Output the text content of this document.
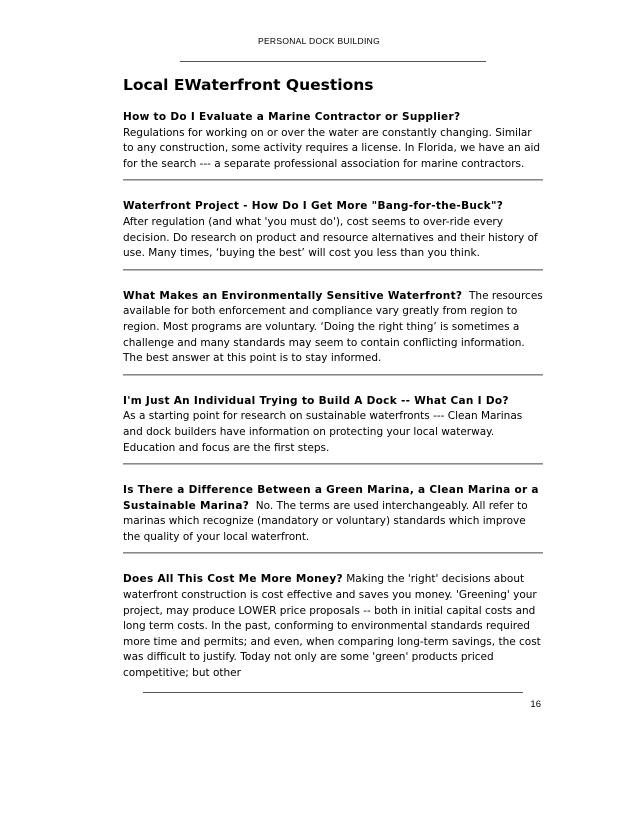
PERSONAL DOCK BUILDING
Local EWaterfront Questions
How to Do I Evaluate a Marine Contractor or Supplier?
Regulations for working on or over the water are constantly changing. Similar to any construction, some activity requires a license. In Florida, we have an aid for the search --- a separate professional association for marine contractors.
Waterfront Project - How Do I Get More "Bang-for-the-Buck"?
After regulation (and what 'you must do'), cost seems to over-ride every decision. Do research on product and resource alternatives and their history of use. Many times, ‘buying the best’ will cost you less than you think.
What Makes an Environmentally Sensitive Waterfront? The resources available for both enforcement and compliance vary greatly from region to region. Most programs are voluntary. ‘Doing the right thing’ is sometimes a challenge and many standards may seem to contain conflicting information. The best answer at this point is to stay informed.
I'm Just An Individual Trying to Build A Dock -- What Can I Do?
As a starting point for research on sustainable waterfronts --- Clean Marinas and dock builders have information on protecting your local waterway. Education and focus are the first steps.
Is There a Difference Between a Green Marina, a Clean Marina or a Sustainable Marina? No. The terms are used interchangeably. All refer to marinas which recognize (mandatory or voluntary) standards which improve the quality of your local waterfront.
Does All This Cost Me More Money? Making the 'right' decisions about waterfront construction is cost effective and saves you money. 'Greening' your project, may produce LOWER price proposals -- both in initial capital costs and long term costs. In the past, conforming to environmental standards required more time and permits; and even, when comparing long-term savings, the cost was difficult to justify. Today not only are some 'green' products priced competitive; but other
16
